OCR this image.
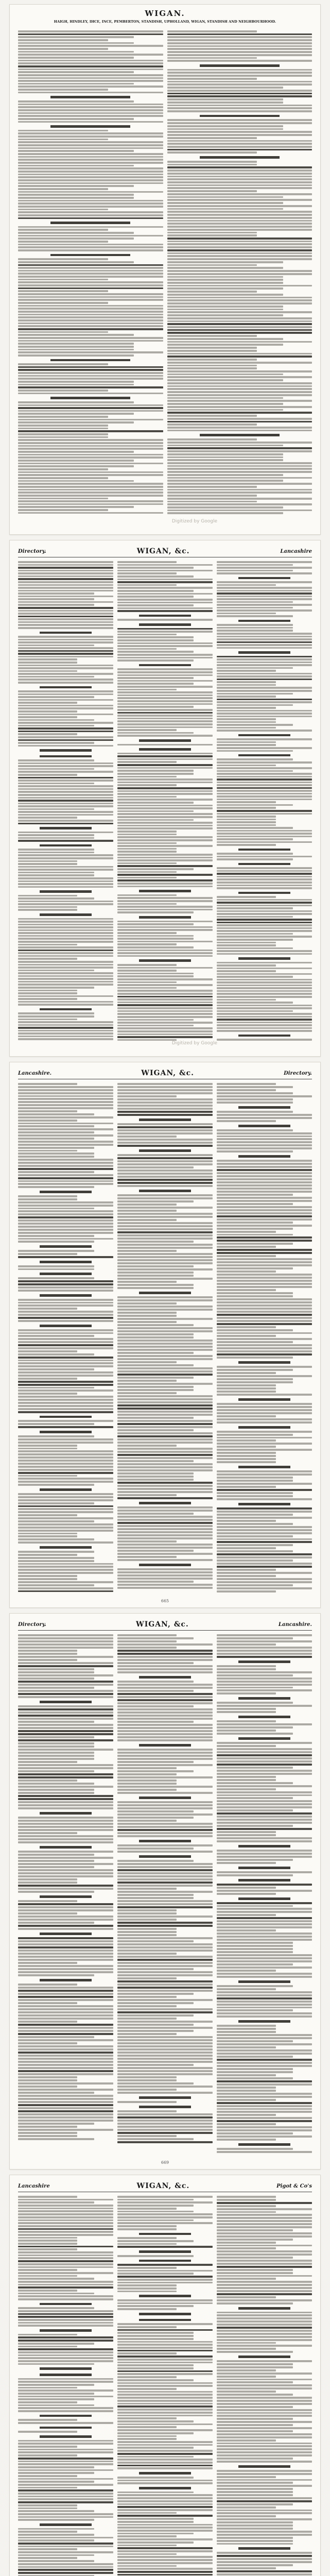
WIGAN.
HAIGH, HINDLEY, IHCE, INCE, PEMBERTON, STANDISH, UPHOLLAND, WIGAN, STANDISH AND NEIGHBOURHOOD.
Digitized by Google
Directory.	WIGAN, &c.	Lancashire
Digitized by Google
Lancashire.	WIGAN, &c.	Directory.
665
Directory.	WIGAN, &c.	Lancashire.
669
Lancashire	WIGAN, &c.	Pigot & Co's
